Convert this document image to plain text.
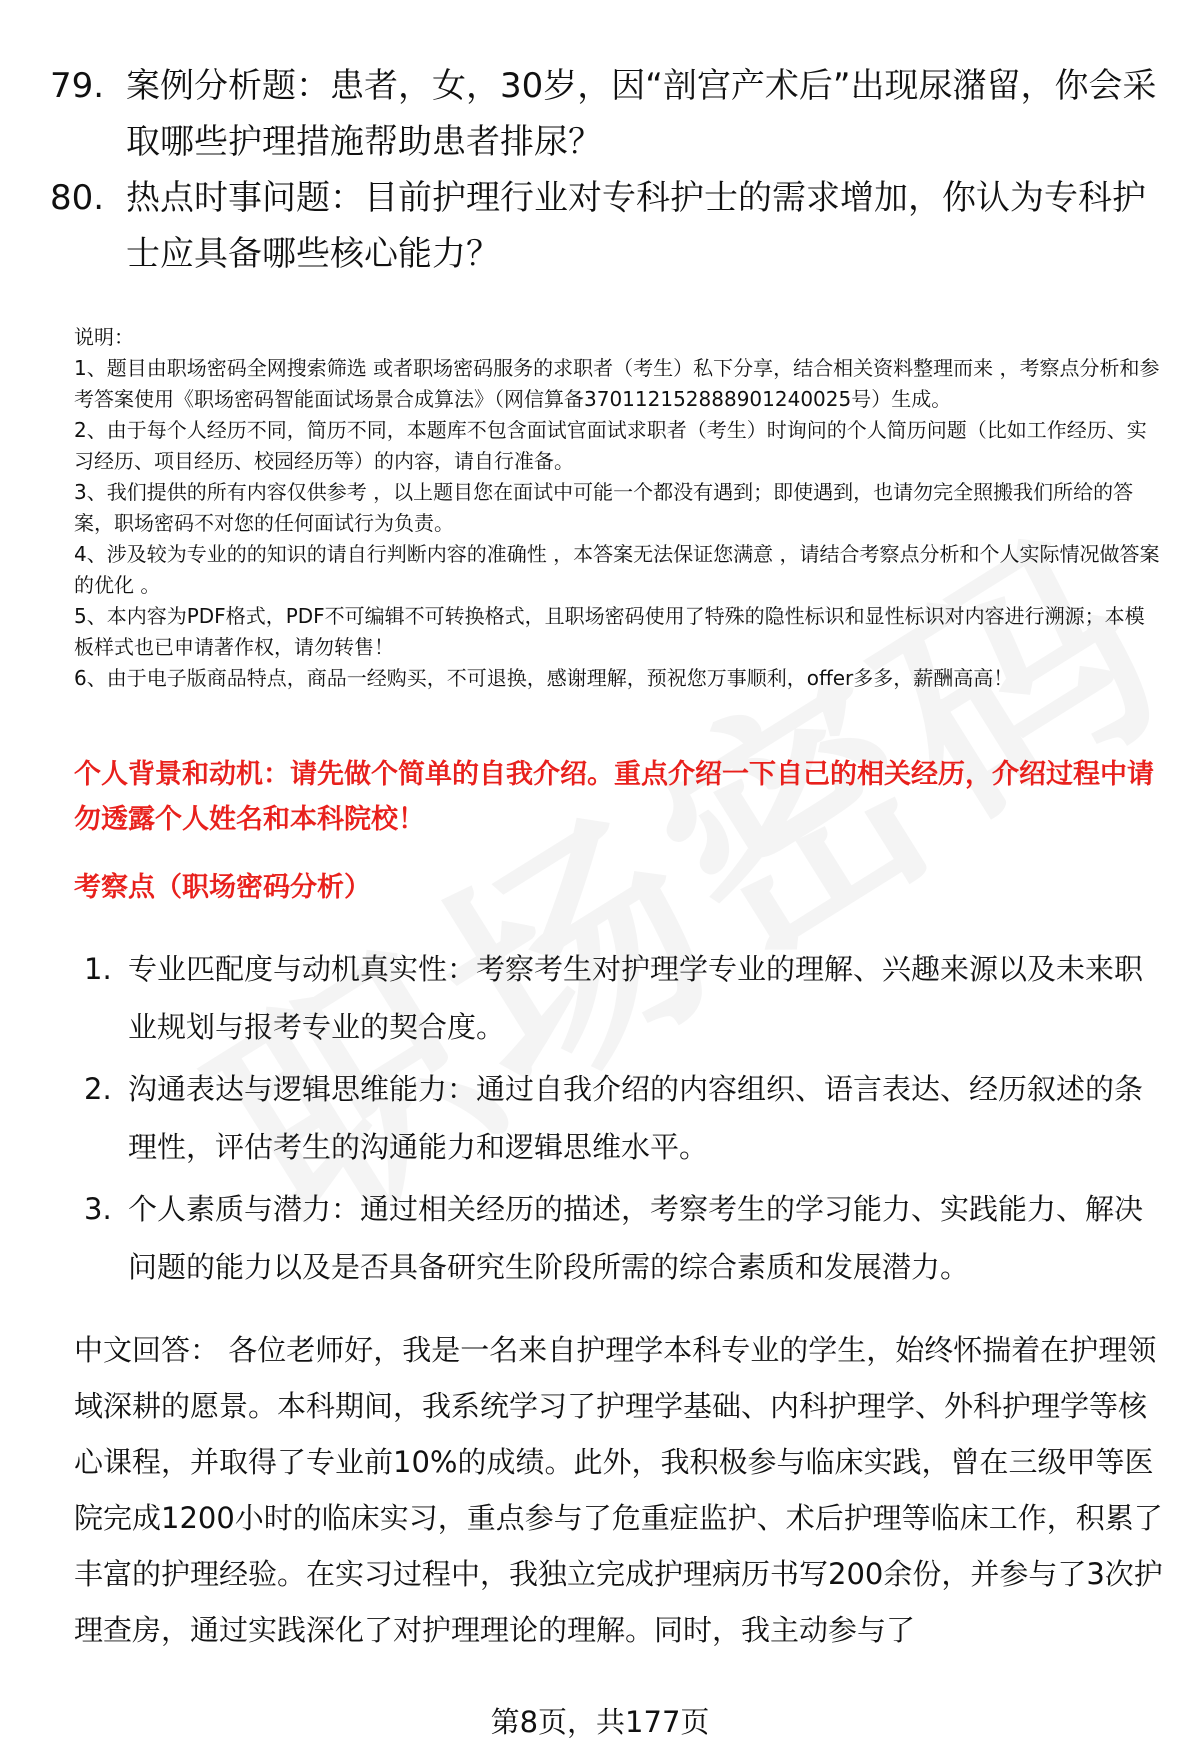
79. 案例分析题：患者，女，30岁，因“剖宫产术后”出现尿潴留，你会采取哪些护理措施帮助患者排尿？
80. 热点时事问题：目前护理行业对专科护士的需求增加，你认为专科护士应具备哪些核心能力？
说明：
1、题目由职场密码全网搜索筛选 或者职场密码服务的求职者（考生）私下分享，结合相关资料整理而来 ，考察点分析和参考答案使用《职场密码智能面试场景合成算法》（网信算备370112152888901240025号）生成。
2、由于每个人经历不同，简历不同，本题库不包含面试官面试求职者（考生）时询问的个人简历问题（比如工作经历、实习经历、项目经历、校园经历等）的内容，请自行准备。
3、我们提供的所有内容仅供参考 ，以上题目您在面试中可能一个都没有遇到；即使遇到，也请勿完全照搬我们所给的答案，职场密码不对您的任何面试行为负责。
4、涉及较为专业的的知识的请自行判断内容的准确性 ，本答案无法保证您满意 ，请结合考察点分析和个人实际情况做答案的优化 。
5、本内容为PDF格式，PDF不可编辑不可转换格式，且职场密码使用了特殊的隐性标识和显性标识对内容进行溯源；本模板样式也已申请著作权，请勿转售！
6、由于电子版商品特点，商品一经购买，不可退换，感谢理解，预祝您万事顺利，offer多多，薪酬高高！
个人背景和动机：请先做个简单的自我介绍。重点介绍一下自己的相关经历，介绍过程中请勿透露个人姓名和本科院校！
考察点（职场密码分析）
1. 专业匹配度与动机真实性：考察考生对护理学专业的理解、兴趣来源以及未来职业规划与报考专业的契合度。
2. 沟通表达与逻辑思维能力：通过自我介绍的内容组织、语言表达、经历叙述的条理性，评估考生的沟通能力和逻辑思维水平。
3. 个人素质与潜力：通过相关经历的描述，考察考生的学习能力、实践能力、解决问题的能力以及是否具备研究生阶段所需的综合素质和发展潜力。
中文回答： 各位老师好，我是一名来自护理学本科专业的学生，始终怀揣着在护理领域深耕的愿景。本科期间，我系统学习了护理学基础、内科护理学、外科护理学等核心课程，并取得了专业前10%的成绩。此外，我积极参与临床实践，曾在三级甲等医院完成1200小时的临床实习，重点参与了危重症监护、术后护理等临床工作，积累了丰富的护理经验。在实习过程中，我独立完成护理病历书写200余份，并参与了3次护理查房，通过实践深化了对护理理论的理解。同时，我主动参与了
第8页，共177页
